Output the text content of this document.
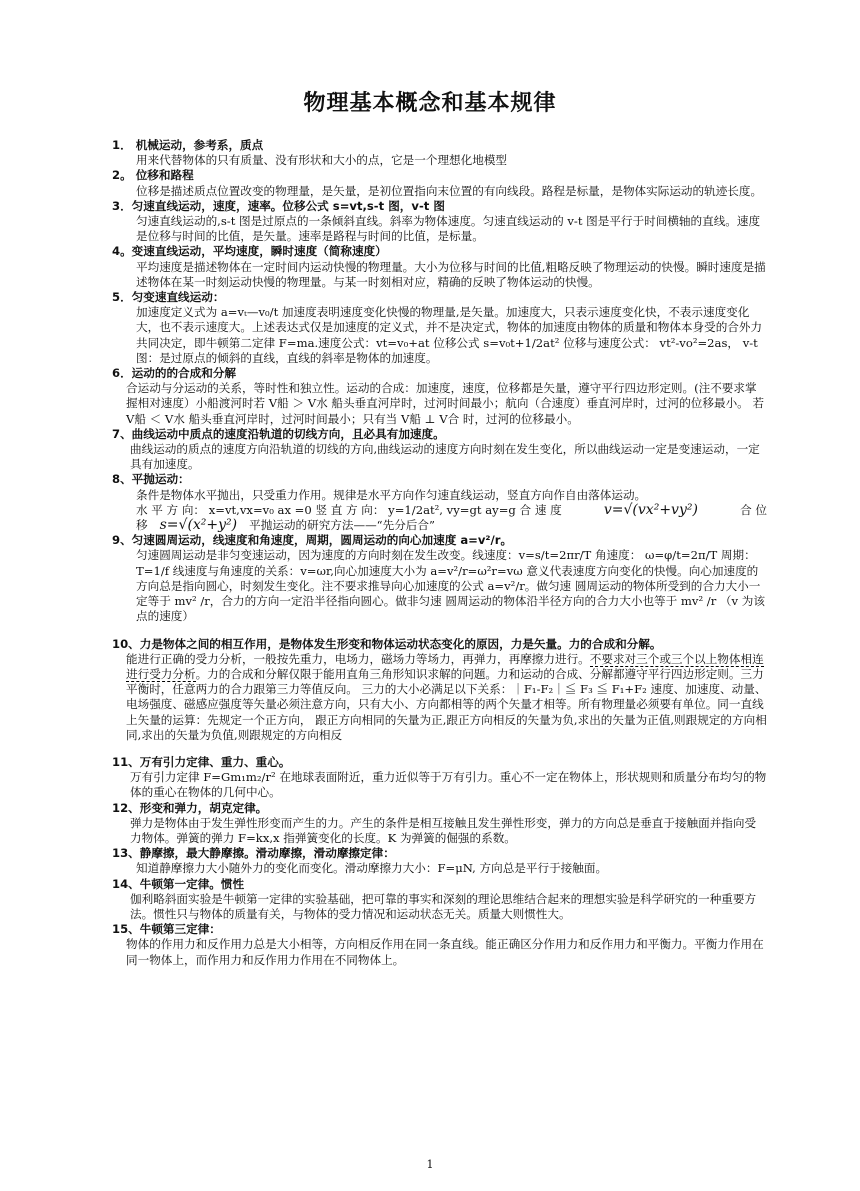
物理基本概念和基本规律
1． 机械运动，参考系，质点
用来代替物体的只有质量、没有形状和大小的点，它是一个理想化地模型
2。 位移和路程
位移是描述质点位置改变的物理量，是矢量，是初位置指向末位置的有向线段。路程是标量，是物体实际运动的轨迹长度。
3．匀速直线运动，速度，速率。位移公式 s=vt,s-t 图，v-t 图
匀速直线运动的,s-t 图是过原点的一条倾斜直线。斜率为物体速度。匀速直线运动的 v-t 图是平行于时间横轴的直线。速度是位移与时间的比值，是矢量。速率是路程与时间的比值，是标量。
4。变速直线运动，平均速度，瞬时速度（简称速度）
平均速度是描述物体在一定时间内运动快慢的物理量。大小为位移与时间的比值,粗略反映了物理运动的快慢。瞬时速度是描述物体在某一时刻运动快慢的物理量。与某一时刻相对应，精确的反映了物体运动的快慢。
5．匀变速直线运动：
加速度定义式为 a=vₜ—v₀/t 加速度表明速度变化快慢的物理量,是矢量。加速度大，只表示速度变化快，不表示速度变化大，也不表示速度大。上述表达式仅是加速度的定义式，并不是决定式，物体的加速度由物体的质量和物体本身受的合外力共同决定，即牛顿第二定律 F=ma.速度公式：vt=v₀+at 位移公式 s=v₀t+1/2at² 位移与速度公式： vt²-vo²=2as， v-t 图：是过原点的倾斜的直线，直线的斜率是物体的加速度。
6．运动的的合成和分解
合运动与分运动的关系，等时性和独立性。运动的合成：加速度，速度，位移都是矢量，遵守平行四边形定则。(注不要求掌握相对速度）小船渡河时若 V船 ＞ V水 船头垂直河岸时，过河时间最小；航向（合速度）垂直河岸时，过河的位移最小。 若 V船 ＜ V水 船头垂直河岸时，过河时间最小；只有当 V船 ⊥ V合 时，过河的位移最小。
7、曲线运动中质点的速度沿轨道的切线方向，且必具有加速度。
曲线运动的质点的速度方向沿轨道的切线的方向,曲线运动的速度方向时刻在发生变化，所以曲线运动一定是变速运动，一定具有加速度。
8、平抛运动：
条件是物体水平抛出，只受重力作用。规律是水平方向作匀速直线运动，竖直方向作自由落体运动。
水 平 方 向： x=vt,vx=v₀ ax =0 竖 直 方 向： y=1/2at², vy=gt ay=g 合 速 度	v=√(vx²+vy²)	合 位
移 s=√(x²+y²) 平抛运动的研究方法——“先分后合”
9、匀速圆周运动，线速度和角速度，周期，圆周运动的向心加速度 a=v²/r。
匀速圆周运动是非匀变速运动，因为速度的方向时刻在发生改变。线速度：v=s/t=2πr/T 角速度： ω=φ/t=2π/T 周期：T=1/f 线速度与角速度的关系：v=ωr,向心加速度大小为 a=v²/r=ω²r=vω 意义代表速度方向变化的快慢。向心加速度的方向总是指向圆心，时刻发生变化。注不要求推导向心加速度的公式 a=v²/r。做匀速 圆周运动的物体所受到的合力大小一定等于 mv² /r，合力的方向一定沿半径指向圆心。做非匀速 圆周运动的物体沿半径方向的合力大小也等于 mv² /r （v 为该点的速度）
10、力是物体之间的相互作用，是物体发生形变和物体运动状态变化的原因，力是矢量。力的合成和分解。
能进行正确的受力分析，一般按先重力，电场力，磁场力等场力，再弹力，再摩擦力进行。不要求对三个或三个以上物体相连进行受力分析。力的合成和分解仅限于能用直角三角形知识求解的问题。力和运动的合成、分解都遵守平行四边形定则。三力平衡时，任意两力的合力跟第三力等值反向。 三力的大小必满足以下关系：｜F₁-F₂｜≦ F₃ ≦ F₁+F₂ 速度、加速度、动量、电场强度、磁感应强度等矢量必须注意方向，只有大小、方向都相等的两个矢量才相等。所有物理量必须要有单位。同一直线上矢量的运算：先规定一个正方向， 跟正方向相同的矢量为正,跟正方向相反的矢量为负,求出的矢量为正值,则跟规定的方向相同,求出的矢量为负值,则跟规定的方向相反
11、万有引力定律、重力、重心。
万有引力定律 F=Gm₁m₂/r² 在地球表面附近，重力近似等于万有引力。重心不一定在物体上，形状规则和质量分布均匀的物体的重心在物体的几何中心。
12、形变和弹力，胡克定律。
弹力是物体由于发生弹性形变而产生的力。产生的条件是相互接触且发生弹性形变，弹力的方向总是垂直于接触面并指向受力物体。弹簧的弹力 F=kx,x 指弹簧变化的长度。K 为弹簧的倔强的系数。
13、静摩擦，最大静摩擦。滑动摩擦，滑动摩擦定律：
知道静摩擦力大小随外力的变化而变化。滑动摩擦力大小：F=μN, 方向总是平行于接触面。
14、牛顿第一定律。惯性
伽利略斜面实验是牛顿第一定律的实验基础，把可靠的事实和深刻的理论思维结合起来的理想实验是科学研究的一种重要方法。惯性只与物体的质量有关，与物体的受力情况和运动状态无关。质量大则惯性大。
15、牛顿第三定律：
物体的作用力和反作用力总是大小相等，方向相反作用在同一条直线。能正确区分作用力和反作用力和平衡力。平衡力作用在同一物体上，而作用力和反作用力作用在不同物体上。
1
